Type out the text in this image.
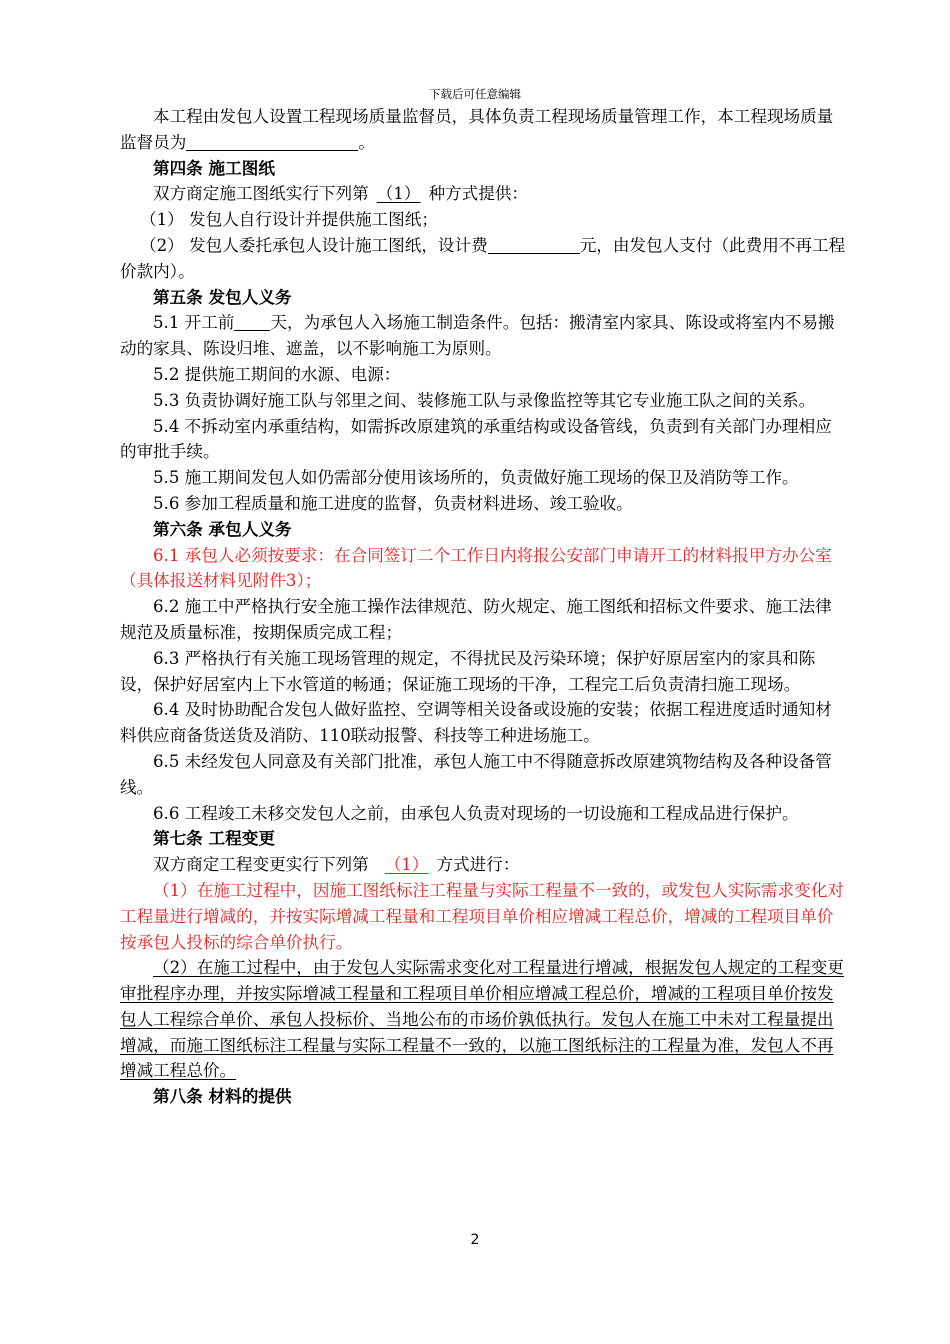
下载后可任意编辑

本工程由发包人设置工程现场质量监督员，具体负责工程现场质量管理工作，本工程现场质量监督员为	。

第四条 施工图纸

双方商定施工图纸实行下列第 （1） 种方式提供：

（1） 发包人自行设计并提供施工图纸；

（2） 发包人委托承包人设计施工图纸，设计费	元，由发包人支付（此费用不再工程价款内）。

第五条 发包人义务

5.1 开工前 天，为承包人入场施工制造条件。包括：搬清室内家具、陈设或将室内不易搬动的家具、陈设归堆、遮盖，以不影响施工为原则。

5.2 提供施工期间的水源、电源：

5.3 负责协调好施工队与邻里之间、装修施工队与录像监控等其它专业施工队之间的关系。

5.4 不拆动室内承重结构，如需拆改原建筑的承重结构或设备管线，负责到有关部门办理相应的审批手续。

5.5 施工期间发包人如仍需部分使用该场所的，负责做好施工现场的保卫及消防等工作。

5.6 参加工程质量和施工进度的监督，负责材料进场、竣工验收。

第六条 承包人义务

6.1 承包人必须按要求：在合同签订二个工作日内将报公安部门申请开工的材料报甲方办公室（具体报送材料见附件3）；

6.2 施工中严格执行安全施工操作法律规范、防火规定、施工图纸和招标文件要求、施工法律规范及质量标准，按期保质完成工程；

6.3 严格执行有关施工现场管理的规定，不得扰民及污染环境；保护好原居室内的家具和陈设，保护好居室内上下水管道的畅通；保证施工现场的干净，工程完工后负责清扫施工现场。

6.4 及时协助配合发包人做好监控、空调等相关设备或设施的安装；依据工程进度适时通知材料供应商备货送货及消防、110联动报警、科技等工种进场施工。

6.5 未经发包人同意及有关部门批准，承包人施工中不得随意拆改原建筑物结构及各种设备管线。

6.6 工程竣工未移交发包人之前，由承包人负责对现场的一切设施和工程成品进行保护。

第七条 工程变更

双方商定工程变更实行下列第 （1） 方式进行：

（1）在施工过程中，因施工图纸标注工程量与实际工程量不一致的，或发包人实际需求变化对工程量进行增减的，并按实际增减工程量和工程项目单价相应增减工程总价，增减的工程项目单价按承包人投标的综合单价执行。

（2）在施工过程中，由于发包人实际需求变化对工程量进行增减，根据发包人规定的工程变更审批程序办理，并按实际增减工程量和工程项目单价相应增减工程总价，增减的工程项目单价按发包人工程综合单价、承包人投标价、当地公布的市场价孰低执行。发包人在施工中未对工程量提出增减，而施工图纸标注工程量与实际工程量不一致的，以施工图纸标注的工程量为准，发包人不再增减工程总价。

第八条 材料的提供

2
